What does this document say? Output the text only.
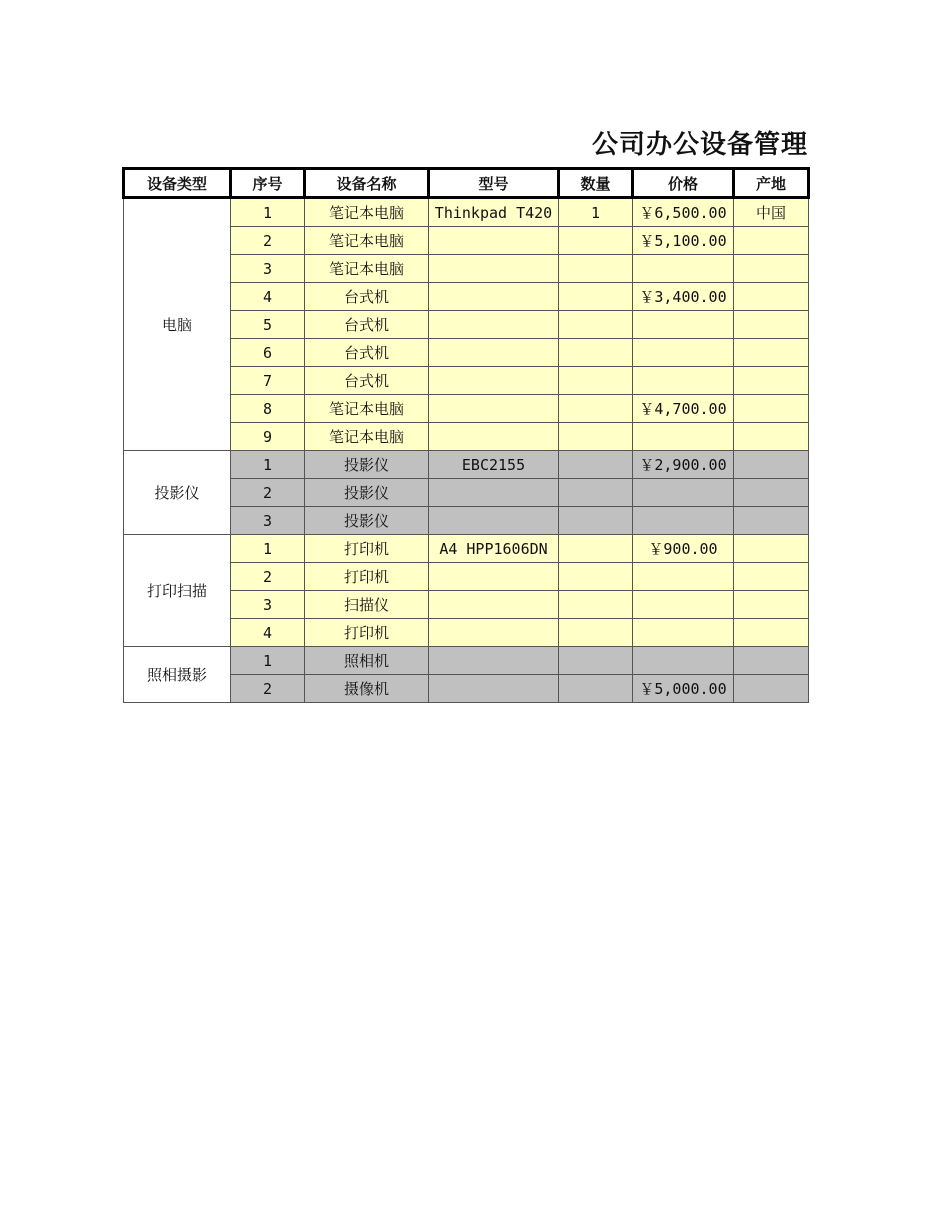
公司办公设备管理
设备类型	序号	设备名称	型号	数量	价格	产地
电脑	1	笔记本电脑	Thinkpad T420	1	￥6,500.00	中国
	2	笔记本电脑			￥5,100.00	
	3	笔记本电脑				
	4	台式机			￥3,400.00	
	5	台式机				
	6	台式机				
	7	台式机				
	8	笔记本电脑			￥4,700.00	
	9	笔记本电脑				
投影仪	1	投影仪	EBC2155		￥2,900.00	
	2	投影仪				
	3	投影仪				
打印扫描	1	打印机	A4 HPP1606DN		￥900.00	
	2	打印机				
	3	扫描仪				
	4	打印机				
照相摄影	1	照相机				
	2	摄像机			￥5,000.00	
